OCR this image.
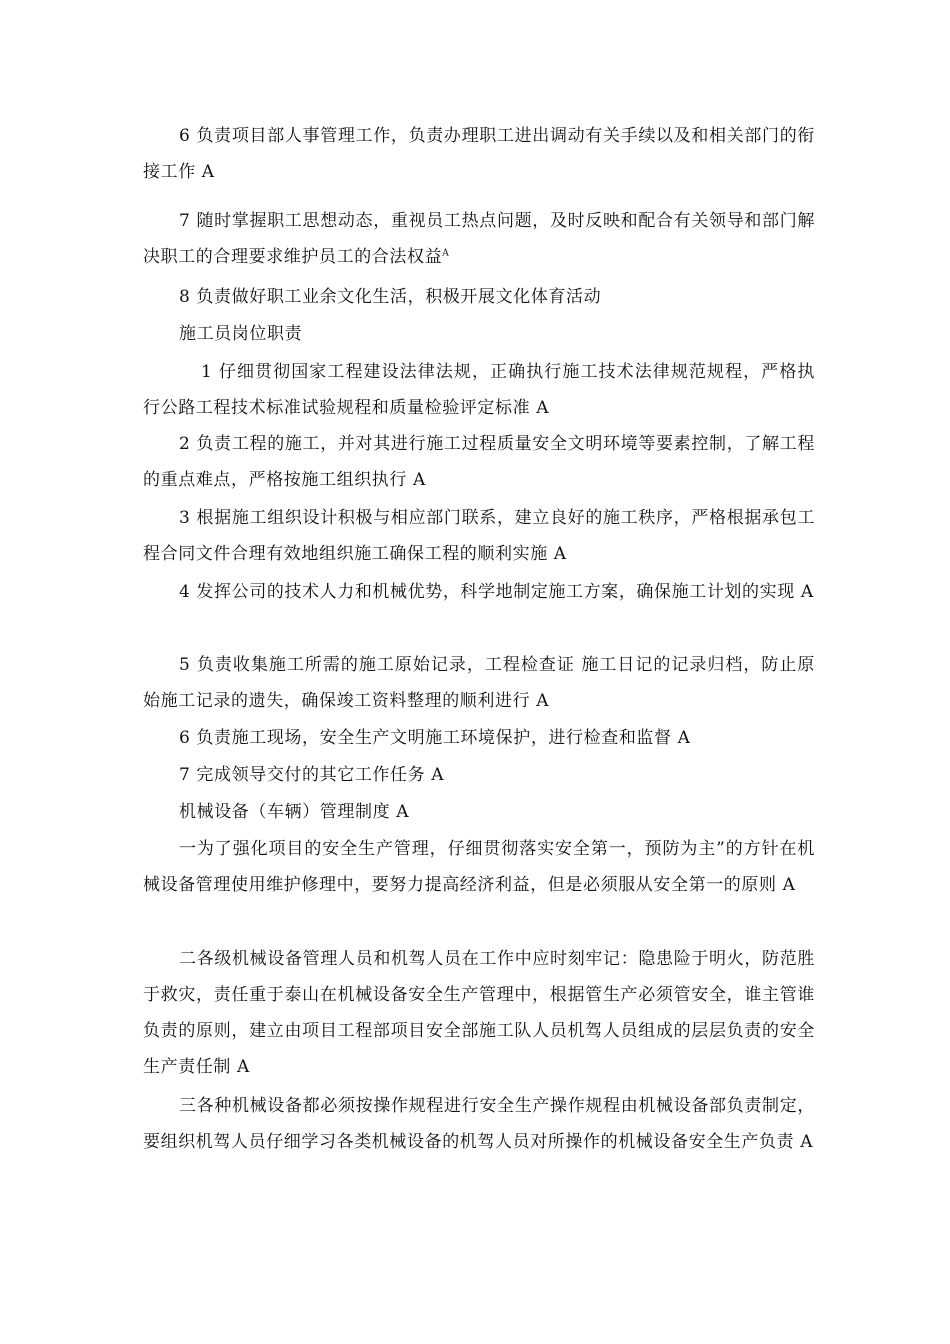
6 负责项目部人事管理工作，负责办理职工进出调动有关手续以及和相关部门的衔接工作 A

7 随时掌握职工思想动态，重视员工热点问题，及时反映和配合有关领导和部门解决职工的合理要求维护员工的合法权益$^A$

8 负责做好职工业余文化生活，积极开展文化体育活动

施工员岗位职责

1 仔细贯彻国家工程建设法律法规，正确执行施工技术法律规范规程，严格执行公路工程技术标准试验规程和质量检验评定标准 A

2 负责工程的施工，并对其进行施工过程质量安全文明环境等要素控制，了解工程的重点难点，严格按施工组织执行 A

3 根据施工组织设计积极与相应部门联系，建立良好的施工秩序，严格根据承包工程合同文件合理有效地组织施工确保工程的顺利实施 A

4 发挥公司的技术人力和机械优势，科学地制定施工方案，确保施工计划的实现 A

5 负责收集施工所需的施工原始记录，工程检查证 施工日记的记录归档，防止原始施工记录的遗失，确保竣工资料整理的顺利进行 A

6 负责施工现场，安全生产文明施工环境保护，进行检查和监督 A

7 完成领导交付的其它工作任务 A

机械设备（车辆）管理制度 A

一为了强化项目的安全生产管理，仔细贯彻落实安全第一，预防为主”的方针在机械设备管理使用维护修理中，要努力提高经济利益，但是必须服从安全第一的原则 A

二各级机械设备管理人员和机驾人员在工作中应时刻牢记：隐患险于明火，防范胜于救灾，责任重于泰山在机械设备安全生产管理中，根据管生产必须管安全，谁主管谁负责的原则，建立由项目工程部项目安全部施工队人员机驾人员组成的层层负责的安全生产责任制 A

三各种机械设备都必须按操作规程进行安全生产操作规程由机械设备部负责制定，要组织机驾人员仔细学习各类机械设备的机驾人员对所操作的机械设备安全生产负责 A
